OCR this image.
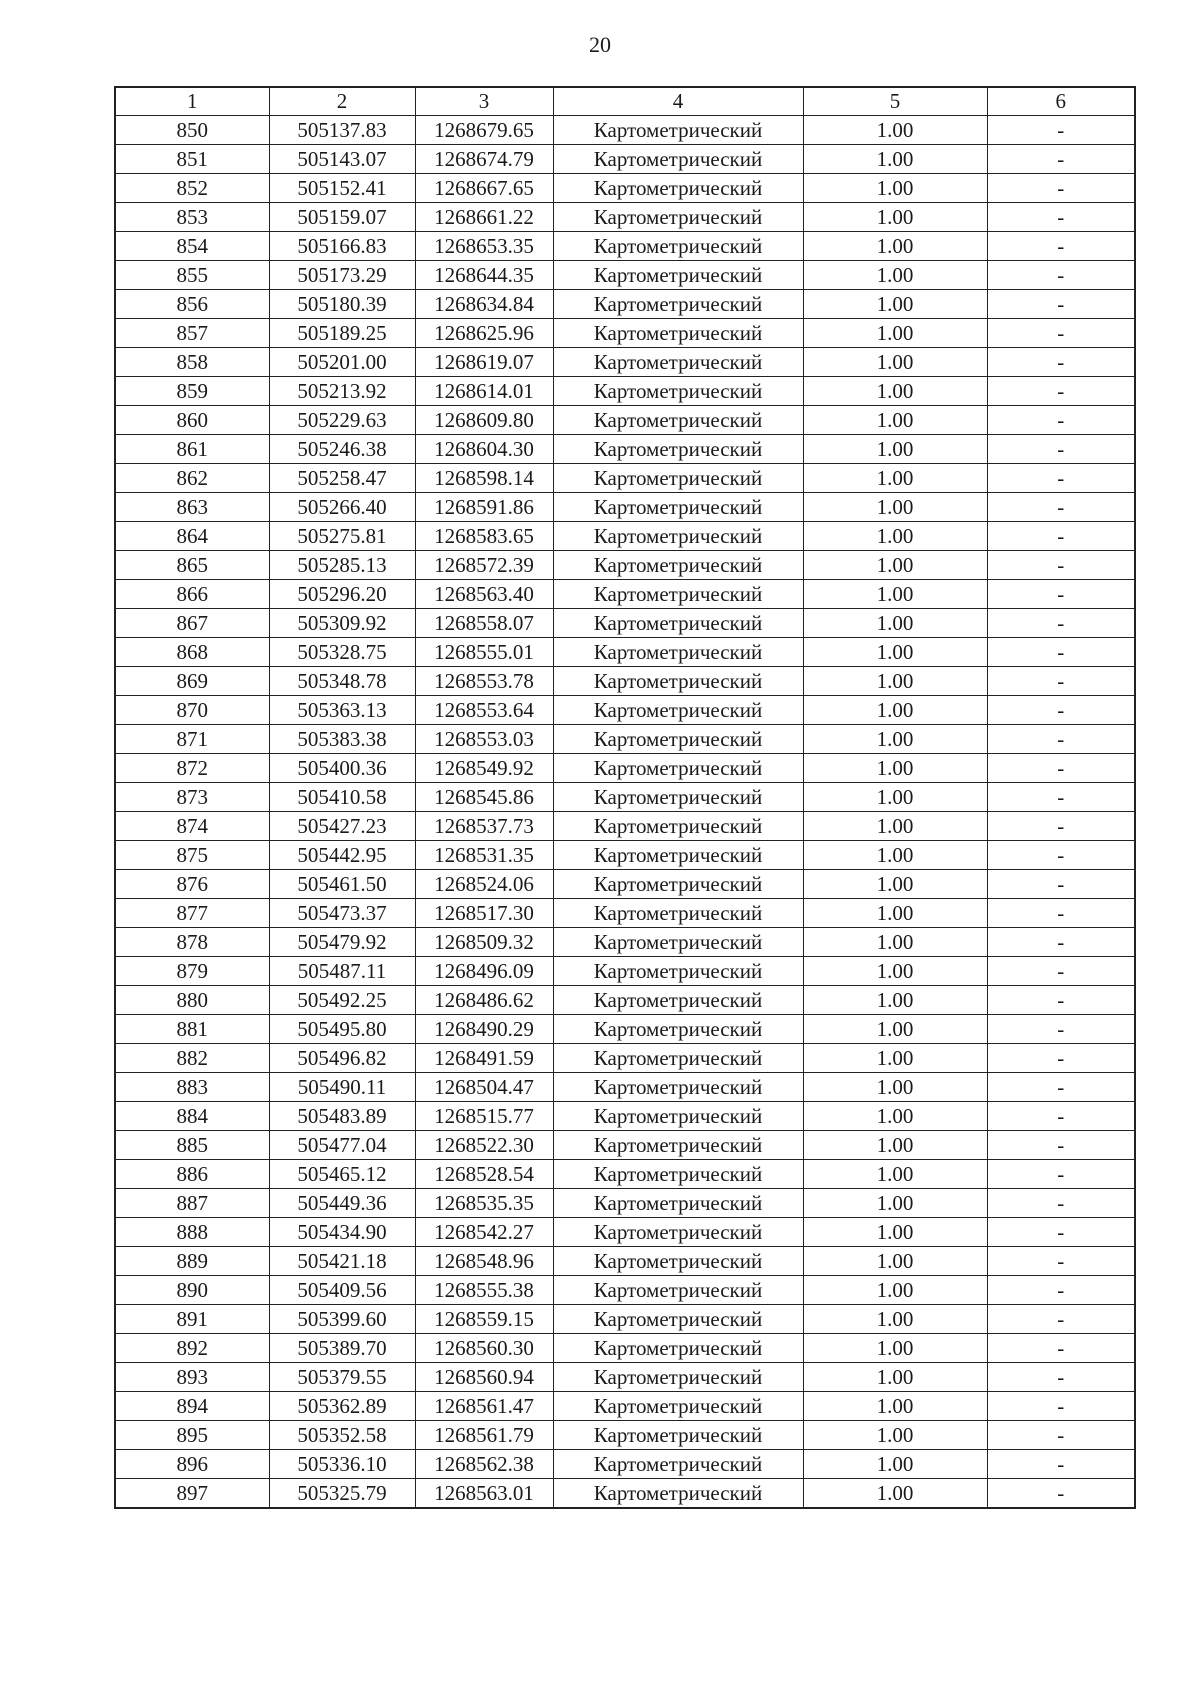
20
1	2	3	4	5	6
850	505137.83	1268679.65	Картометрический	1.00	-
851	505143.07	1268674.79	Картометрический	1.00	-
852	505152.41	1268667.65	Картометрический	1.00	-
853	505159.07	1268661.22	Картометрический	1.00	-
854	505166.83	1268653.35	Картометрический	1.00	-
855	505173.29	1268644.35	Картометрический	1.00	-
856	505180.39	1268634.84	Картометрический	1.00	-
857	505189.25	1268625.96	Картометрический	1.00	-
858	505201.00	1268619.07	Картометрический	1.00	-
859	505213.92	1268614.01	Картометрический	1.00	-
860	505229.63	1268609.80	Картометрический	1.00	-
861	505246.38	1268604.30	Картометрический	1.00	-
862	505258.47	1268598.14	Картометрический	1.00	-
863	505266.40	1268591.86	Картометрический	1.00	-
864	505275.81	1268583.65	Картометрический	1.00	-
865	505285.13	1268572.39	Картометрический	1.00	-
866	505296.20	1268563.40	Картометрический	1.00	-
867	505309.92	1268558.07	Картометрический	1.00	-
868	505328.75	1268555.01	Картометрический	1.00	-
869	505348.78	1268553.78	Картометрический	1.00	-
870	505363.13	1268553.64	Картометрический	1.00	-
871	505383.38	1268553.03	Картометрический	1.00	-
872	505400.36	1268549.92	Картометрический	1.00	-
873	505410.58	1268545.86	Картометрический	1.00	-
874	505427.23	1268537.73	Картометрический	1.00	-
875	505442.95	1268531.35	Картометрический	1.00	-
876	505461.50	1268524.06	Картометрический	1.00	-
877	505473.37	1268517.30	Картометрический	1.00	-
878	505479.92	1268509.32	Картометрический	1.00	-
879	505487.11	1268496.09	Картометрический	1.00	-
880	505492.25	1268486.62	Картометрический	1.00	-
881	505495.80	1268490.29	Картометрический	1.00	-
882	505496.82	1268491.59	Картометрический	1.00	-
883	505490.11	1268504.47	Картометрический	1.00	-
884	505483.89	1268515.77	Картометрический	1.00	-
885	505477.04	1268522.30	Картометрический	1.00	-
886	505465.12	1268528.54	Картометрический	1.00	-
887	505449.36	1268535.35	Картометрический	1.00	-
888	505434.90	1268542.27	Картометрический	1.00	-
889	505421.18	1268548.96	Картометрический	1.00	-
890	505409.56	1268555.38	Картометрический	1.00	-
891	505399.60	1268559.15	Картометрический	1.00	-
892	505389.70	1268560.30	Картометрический	1.00	-
893	505379.55	1268560.94	Картометрический	1.00	-
894	505362.89	1268561.47	Картометрический	1.00	-
895	505352.58	1268561.79	Картометрический	1.00	-
896	505336.10	1268562.38	Картометрический	1.00	-
897	505325.79	1268563.01	Картометрический	1.00	-
